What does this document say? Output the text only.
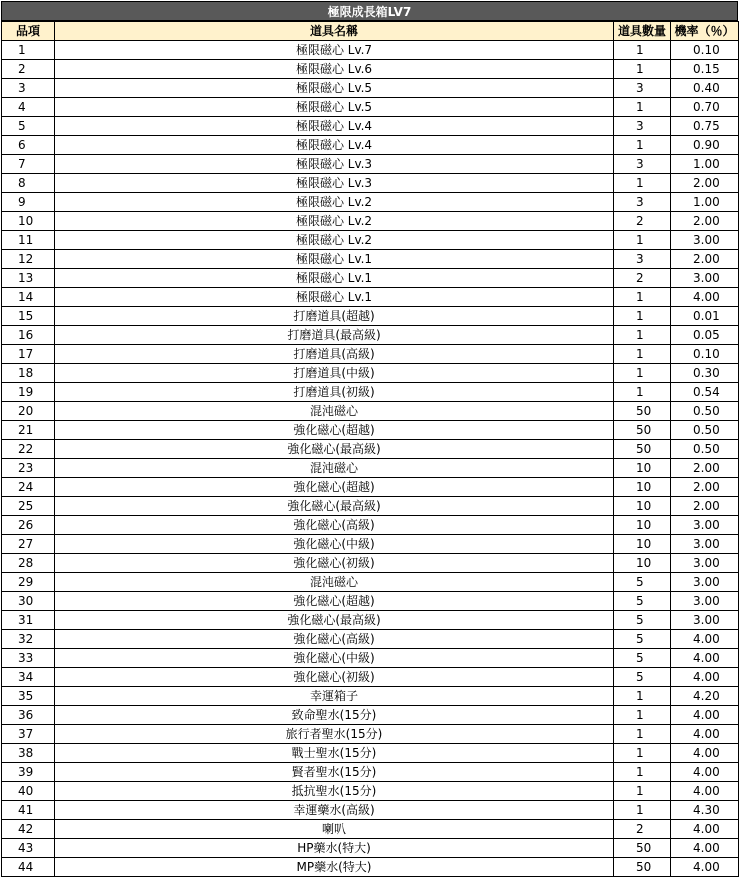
極限成長箱LV7
品項	道具名稱	道具數量	機率（％）
1	極限磁心 Lv.7	1	0.10
2	極限磁心 Lv.6	1	0.15
3	極限磁心 Lv.5	3	0.40
4	極限磁心 Lv.5	1	0.70
5	極限磁心 Lv.4	3	0.75
6	極限磁心 Lv.4	1	0.90
7	極限磁心 Lv.3	3	1.00
8	極限磁心 Lv.3	1	2.00
9	極限磁心 Lv.2	3	1.00
10	極限磁心 Lv.2	2	2.00
11	極限磁心 Lv.2	1	3.00
12	極限磁心 Lv.1	3	2.00
13	極限磁心 Lv.1	2	3.00
14	極限磁心 Lv.1	1	4.00
15	打磨道具(超越)	1	0.01
16	打磨道具(最高級)	1	0.05
17	打磨道具(高級)	1	0.10
18	打磨道具(中級)	1	0.30
19	打磨道具(初級)	1	0.54
20	混沌磁心	50	0.50
21	強化磁心(超越)	50	0.50
22	強化磁心(最高級)	50	0.50
23	混沌磁心	10	2.00
24	強化磁心(超越)	10	2.00
25	強化磁心(最高級)	10	2.00
26	強化磁心(高級)	10	3.00
27	強化磁心(中級)	10	3.00
28	強化磁心(初級)	10	3.00
29	混沌磁心	5	3.00
30	強化磁心(超越)	5	3.00
31	強化磁心(最高級)	5	3.00
32	強化磁心(高級)	5	4.00
33	強化磁心(中級)	5	4.00
34	強化磁心(初級)	5	4.00
35	幸運箱子	1	4.20
36	致命聖水(15分)	1	4.00
37	旅行者聖水(15分)	1	4.00
38	戰士聖水(15分)	1	4.00
39	賢者聖水(15分)	1	4.00
40	抵抗聖水(15分)	1	4.00
41	幸運藥水(高級)	1	4.30
42	喇叭	2	4.00
43	HP藥水(特大)	50	4.00
44	MP藥水(特大)	50	4.00
